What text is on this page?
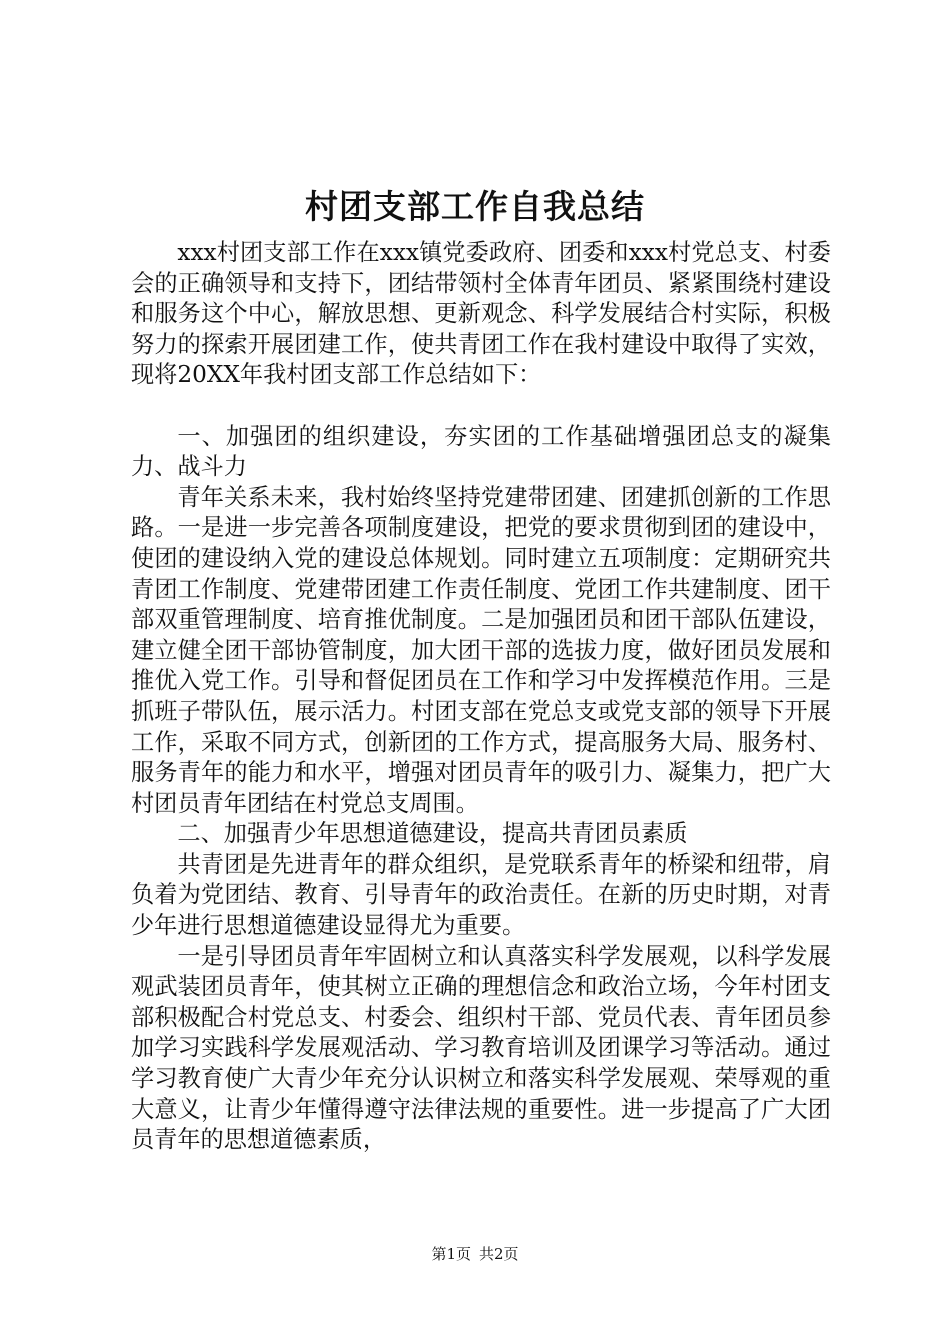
村团支部工作自我总结

xxx村团支部工作在xxx镇党委政府、团委和xxx村党总支、村委会的正确领导和支持下，团结带领村全体青年团员、紧紧围绕村建设和服务这个中心，解放思想、更新观念、科学发展结合村实际，积极努力的探索开展团建工作，使共青团工作在我村建设中取得了实效，现将20XX年我村团支部工作总结如下：

一、加强团的组织建设，夯实团的工作基础增强团总支的凝集力、战斗力

青年关系未来，我村始终坚持党建带团建、团建抓创新的工作思路。一是进一步完善各项制度建设，把党的要求贯彻到团的建设中，使团的建设纳入党的建设总体规划。同时建立五项制度：定期研究共青团工作制度、党建带团建工作责任制度、党团工作共建制度、团干部双重管理制度、培育推优制度。二是加强团员和团干部队伍建设，建立健全团干部协管制度，加大团干部的选拔力度，做好团员发展和推优入党工作。引导和督促团员在工作和学习中发挥模范作用。三是抓班子带队伍，展示活力。村团支部在党总支或党支部的领导下开展工作，采取不同方式，创新团的工作方式，提高服务大局、服务村、服务青年的能力和水平，增强对团员青年的吸引力、凝集力，把广大村团员青年团结在村党总支周围。

二、加强青少年思想道德建设，提高共青团员素质

共青团是先进青年的群众组织，是党联系青年的桥梁和纽带，肩负着为党团结、教育、引导青年的政治责任。在新的历史时期，对青少年进行思想道德建设显得尤为重要。

一是引导团员青年牢固树立和认真落实科学发展观，以科学发展观武装团员青年，使其树立正确的理想信念和政治立场，今年村团支部积极配合村党总支、村委会、组织村干部、党员代表、青年团员参加学习实践科学发展观活动、学习教育培训及团课学习等活动。通过学习教育使广大青少年充分认识树立和落实科学发展观、荣辱观的重大意义，让青少年懂得遵守法律法规的重要性。进一步提高了广大团员青年的思想道德素质，

第1页 共2页
